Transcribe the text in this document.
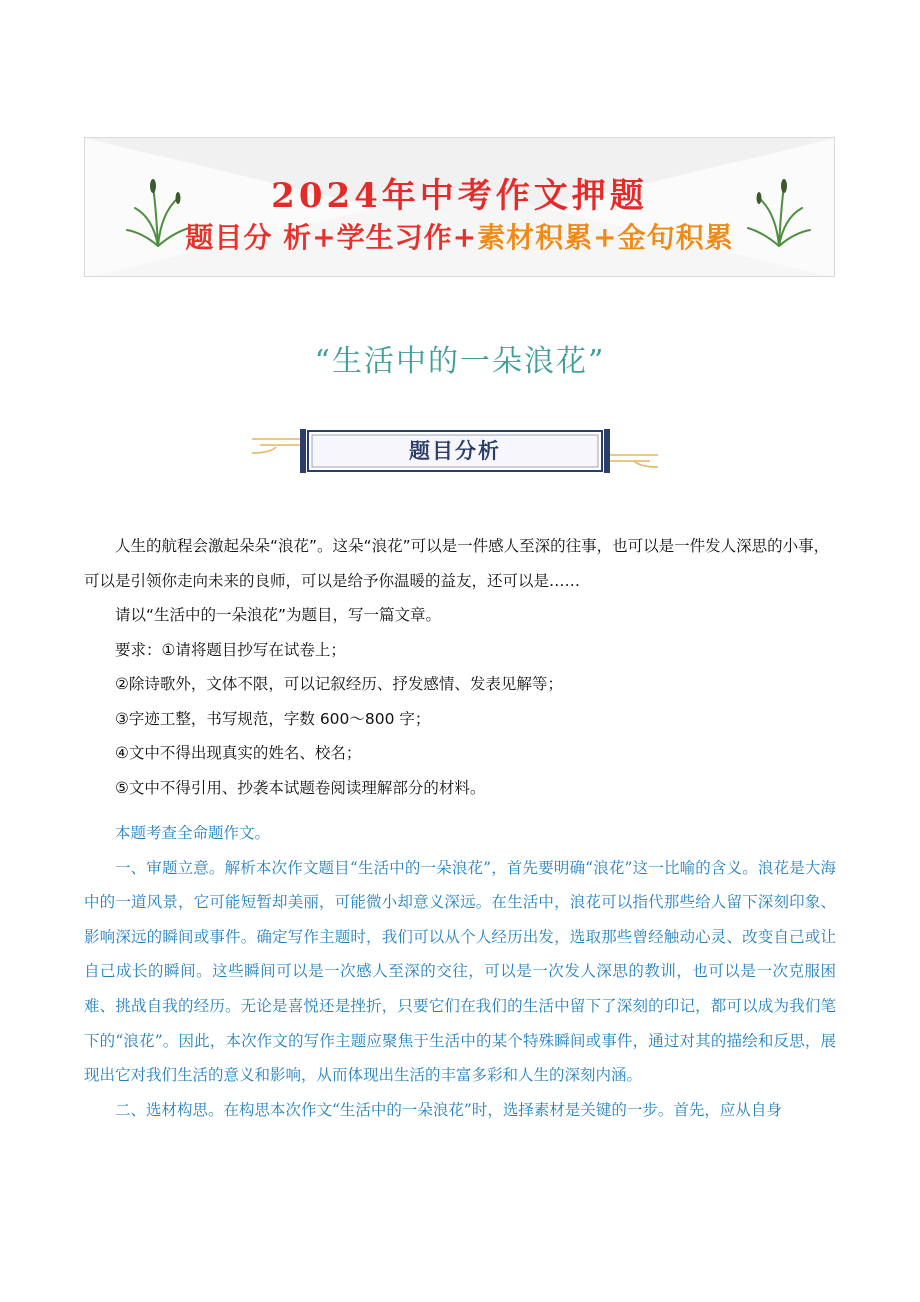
2024年中考作文押题
题目分 析+学生习作+素材积累+金句积累
“生活中的一朵浪花”
题目分析

人生的航程会激起朵朵“浪花”。这朵“浪花”可以是一件感人至深的往事，也可以是一件发人深思的小事，可以是引领你走向未来的良师，可以是给予你温暖的益友，还可以是……

请以“生活中的一朵浪花”为题目，写一篇文章。

要求：①请将题目抄写在试卷上；

②除诗歌外，文体不限，可以记叙经历、抒发感情、发表见解等；

③字迹工整，书写规范，字数 600～800 字；

④文中不得出现真实的姓名、校名；

⑤文中不得引用、抄袭本试题卷阅读理解部分的材料。

本题考查全命题作文。

一、审题立意。解析本次作文题目“生活中的一朵浪花”，首先要明确“浪花”这一比喻的含义。浪花是大海中的一道风景，它可能短暂却美丽，可能微小却意义深远。在生活中，浪花可以指代那些给人留下深刻印象、影响深远的瞬间或事件。确定写作主题时，我们可以从个人经历出发，选取那些曾经触动心灵、改变自己或让自己成长的瞬间。这些瞬间可以是一次感人至深的交往，可以是一次发人深思的教训，也可以是一次克服困难、挑战自我的经历。无论是喜悦还是挫折，只要它们在我们的生活中留下了深刻的印记，都可以成为我们笔下的“浪花”。因此，本次作文的写作主题应聚焦于生活中的某个特殊瞬间或事件，通过对其的描绘和反思，展现出它对我们生活的意义和影响，从而体现出生活的丰富多彩和人生的深刻内涵。

二、选材构思。在构思本次作文“生活中的一朵浪花”时，选择素材是关键的一步。首先，应从自身
